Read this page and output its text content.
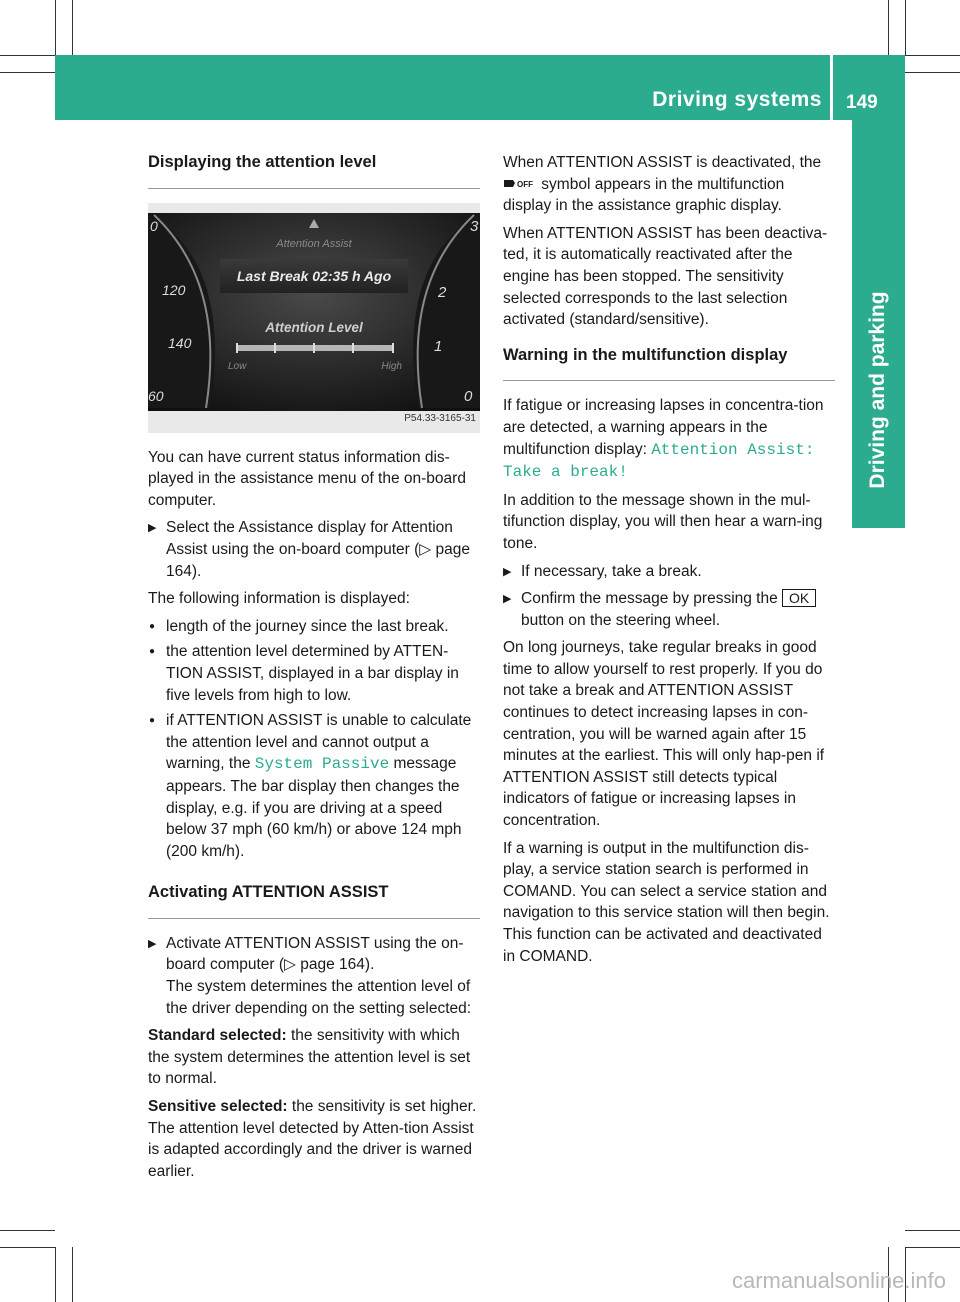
Driving systems 149
Driving and parking
Displaying the attention level
Attention Assist
Last Break 02:35 h Ago
Attention Level
Low	High
0
120
140
60
3
2
1
0
P54.33-3165-31

You can have current status information dis-played in the assistance menu of the on-board computer.

▶ Select the Assistance display for Attention Assist using the on-board computer (▷ page 164).

The following information is displayed:

● length of the journey since the last break.
● the attention level determined by ATTEN-TION ASSIST, displayed in a bar display in five levels from high to low.
● if ATTENTION ASSIST is unable to calculate the attention level and cannot output a warning, the System Passive message appears. The bar display then changes the display, e.g. if you are driving at a speed below 37 mph (60 km/h) or above 124 mph (200 km/h).
Activating ATTENTION ASSIST
▶ Activate ATTENTION ASSIST using the on-board computer (▷ page 164).
The system determines the attention level of the driver depending on the setting selected:

Standard selected: the sensitivity with which the system determines the attention level is set to normal.

Sensitive selected: the sensitivity is set higher. The attention level detected by Atten-tion Assist is adapted accordingly and the driver is warned earlier.

When ATTENTION ASSIST is deactivated, the
OFF symbol appears in the multifunction display in the assistance graphic display.

When ATTENTION ASSIST has been deactiva-ted, it is automatically reactivated after the engine has been stopped. The sensitivity selected corresponds to the last selection activated (standard/sensitive).

Warning in the multifunction display

If fatigue or increasing lapses in concentra-tion are detected, a warning appears in the multifunction display: Attention Assist: Take a break!

In addition to the message shown in the mul-tifunction display, you will then hear a warn-ing tone.

▶ If necessary, take a break.
▶ Confirm the message by pressing the OK button on the steering wheel.

On long journeys, take regular breaks in good time to allow yourself to rest properly. If you do not take a break and ATTENTION ASSIST continues to detect increasing lapses in con-centration, you will be warned again after 15 minutes at the earliest. This will only hap-pen if ATTENTION ASSIST still detects typical indicators of fatigue or increasing lapses in concentration.

If a warning is output in the multifunction dis-play, a service station search is performed in COMAND. You can select a service station and navigation to this service station will then begin. This function can be activated and deactivated in COMAND.

carmanualsonline.info
